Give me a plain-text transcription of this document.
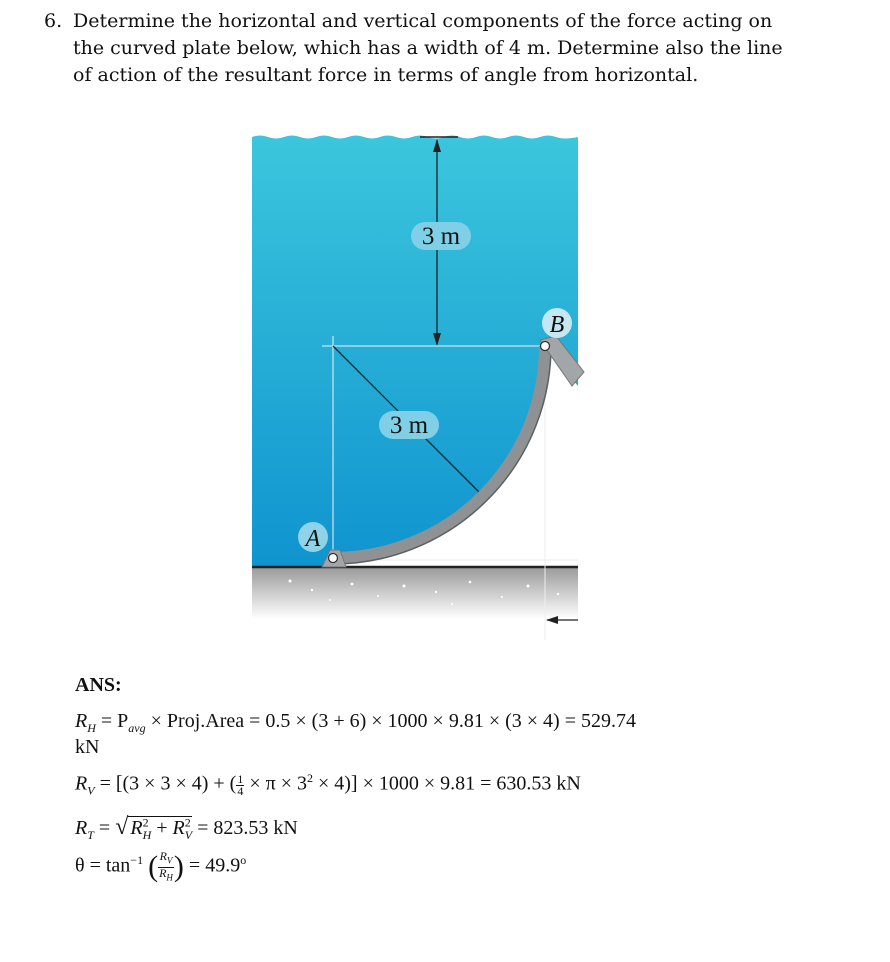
6. Determine the horizontal and vertical components of the force acting on
the curved plate below, which has a width of 4 m. Determine also the line
of action of the resultant force in terms of angle from horizontal.
3 m
3 m
B
A
ANS:
$R_H = P_{avg}$ × Proj.Area = 0.5 × (3 + 6) × 1000 × 9.81 × (3 × 4) = 529.74
kN
$R_V = [(3 \times 3 \times 4)$ + ( $\frac{1}{4} \times \pi \times 3^2 \times 4)] \times 1000 \times 9.81 = 630.53$ kN
$R_T$ = √ $R^2_H + R^2_V = 823.53$ kN
$\theta = \tan^{-1}$ ( $\frac{R_V}{R_H}$ ) = $49.9^o$
